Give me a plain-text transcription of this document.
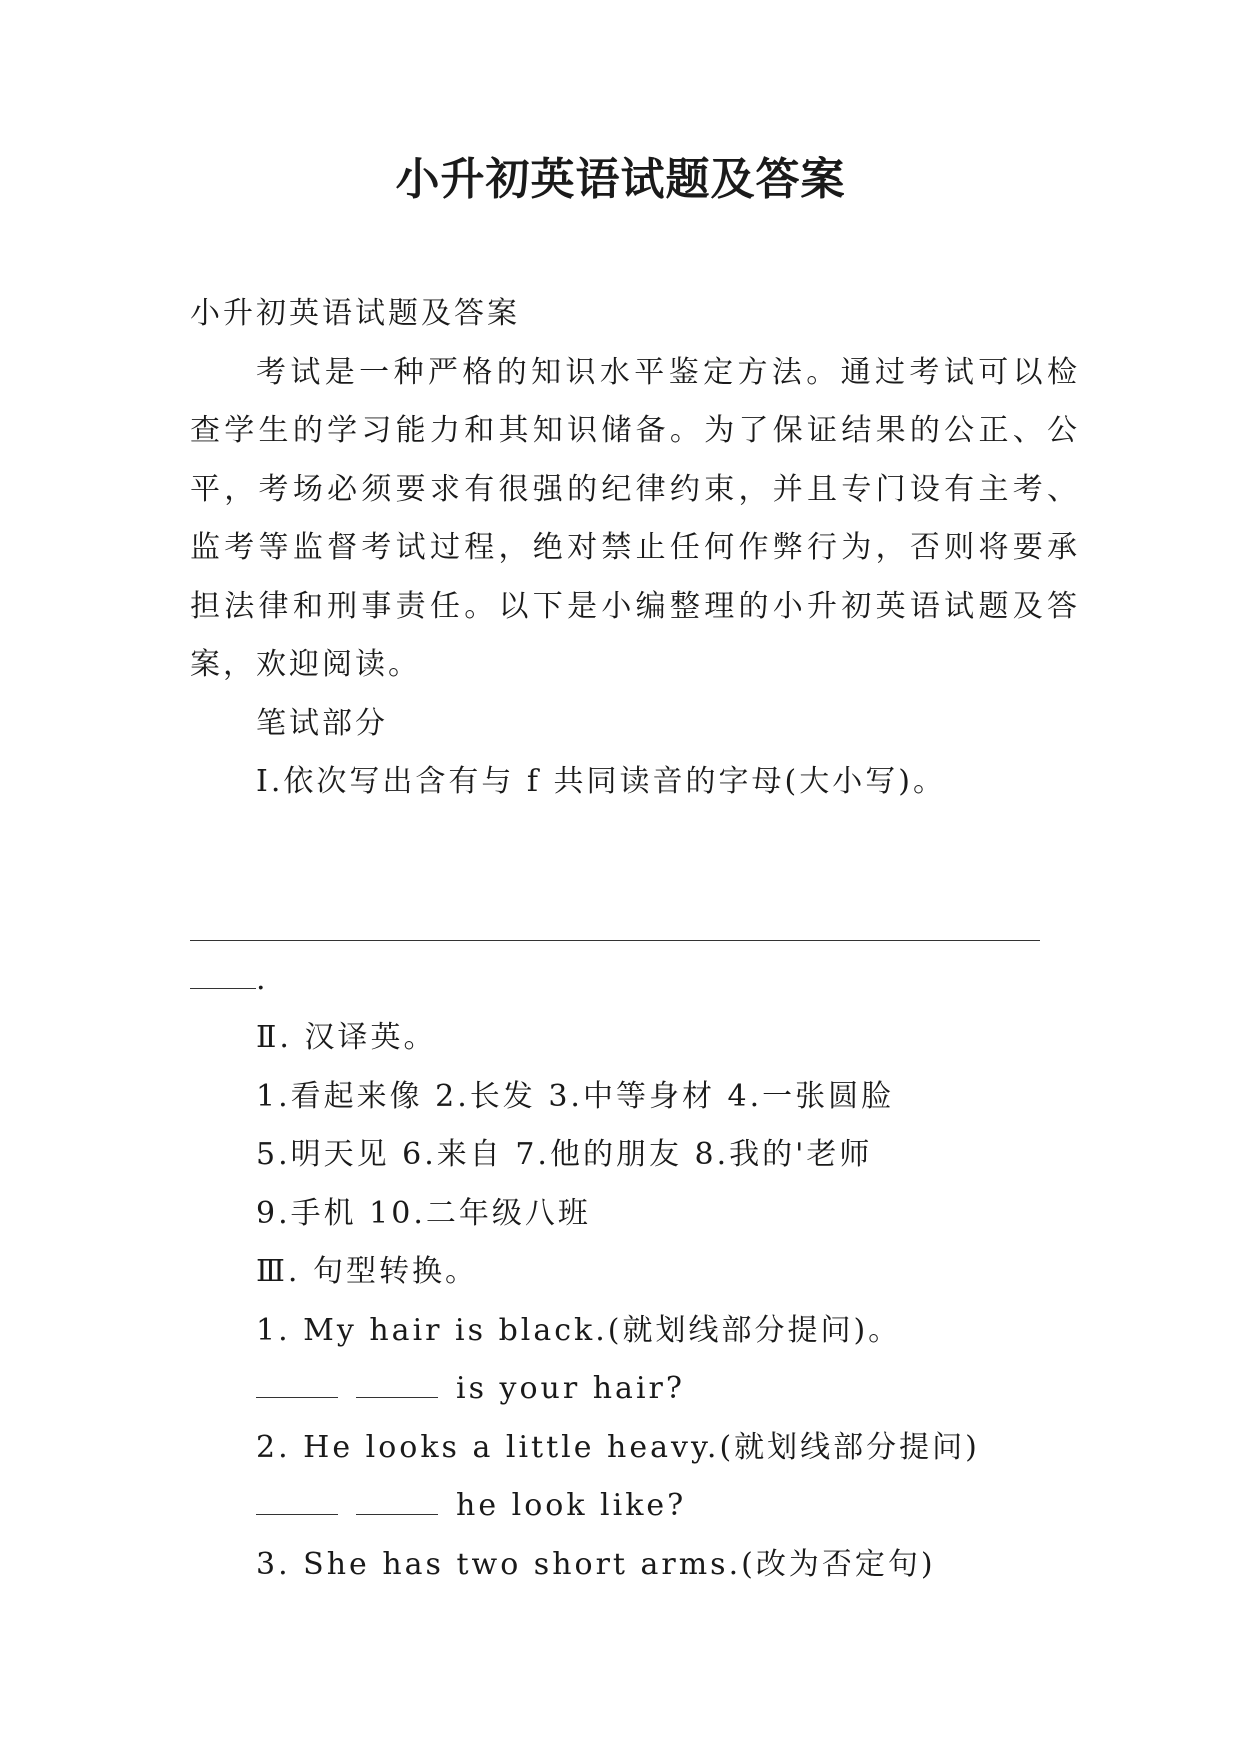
小升初英语试题及答案

小升初英语试题及答案

考试是一种严格的知识水平鉴定方法。通过考试可以检查学生的学习能力和其知识储备。为了保证结果的公正、公平，考场必须要求有很强的纪律约束，并且专门设有主考、监考等监督考试过程，绝对禁止任何作弊行为，否则将要承担法律和刑事责任。以下是小编整理的小升初英语试题及答案，欢迎阅读。

笔试部分

Ⅰ.依次写出含有与 f 共同读音的字母(大小写)。

.

Ⅱ. 汉译英。

1.看起来像 2.长发 3.中等身材 4.一张圆脸

5.明天见 6.来自 7.他的朋友 8.我的'老师

9.手机 10.二年级八班

Ⅲ. 句型转换。

1. My hair is black.(就划线部分提问)。

is your hair?

2. He looks a little heavy.(就划线部分提问)

he look like?

3. She has two short arms.(改为否定句)
